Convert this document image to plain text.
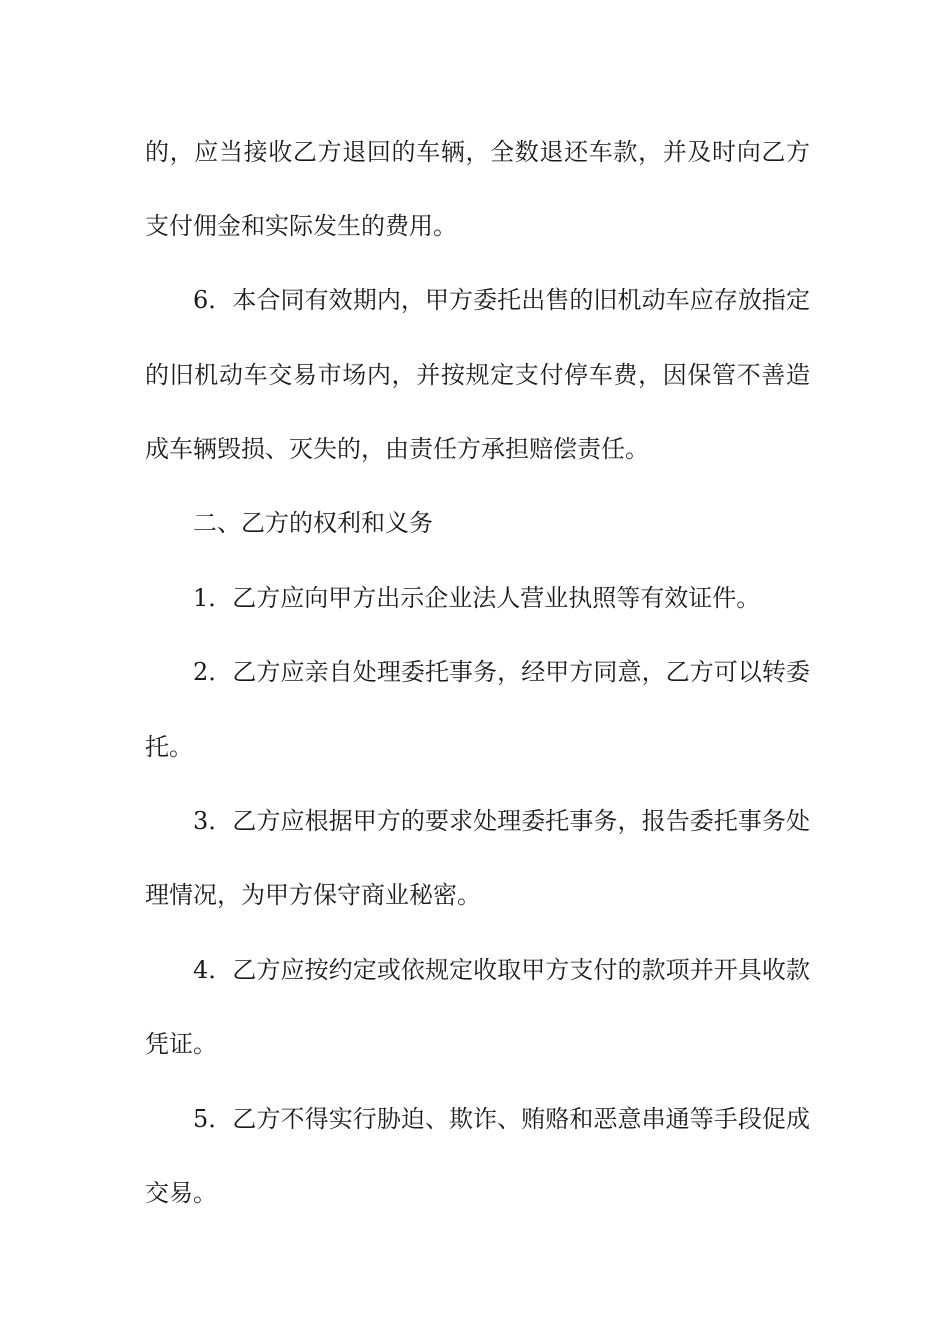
的，应当接收乙方退回的车辆，全数退还车款，并及时向乙方
支付佣金和实际发生的费用。
6．本合同有效期内，甲方委托出售的旧机动车应存放指定
的旧机动车交易市场内，并按规定支付停车费，因保管不善造
成车辆毁损、灭失的，由责任方承担赔偿责任。
二、乙方的权利和义务
1．乙方应向甲方出示企业法人营业执照等有效证件。
2．乙方应亲自处理委托事务，经甲方同意，乙方可以转委
托。
3．乙方应根据甲方的要求处理委托事务，报告委托事务处
理情况，为甲方保守商业秘密。
4．乙方应按约定或依规定收取甲方支付的款项并开具收款
凭证。
5．乙方不得实行胁迫、欺诈、贿赂和恶意串通等手段促成
交易。
